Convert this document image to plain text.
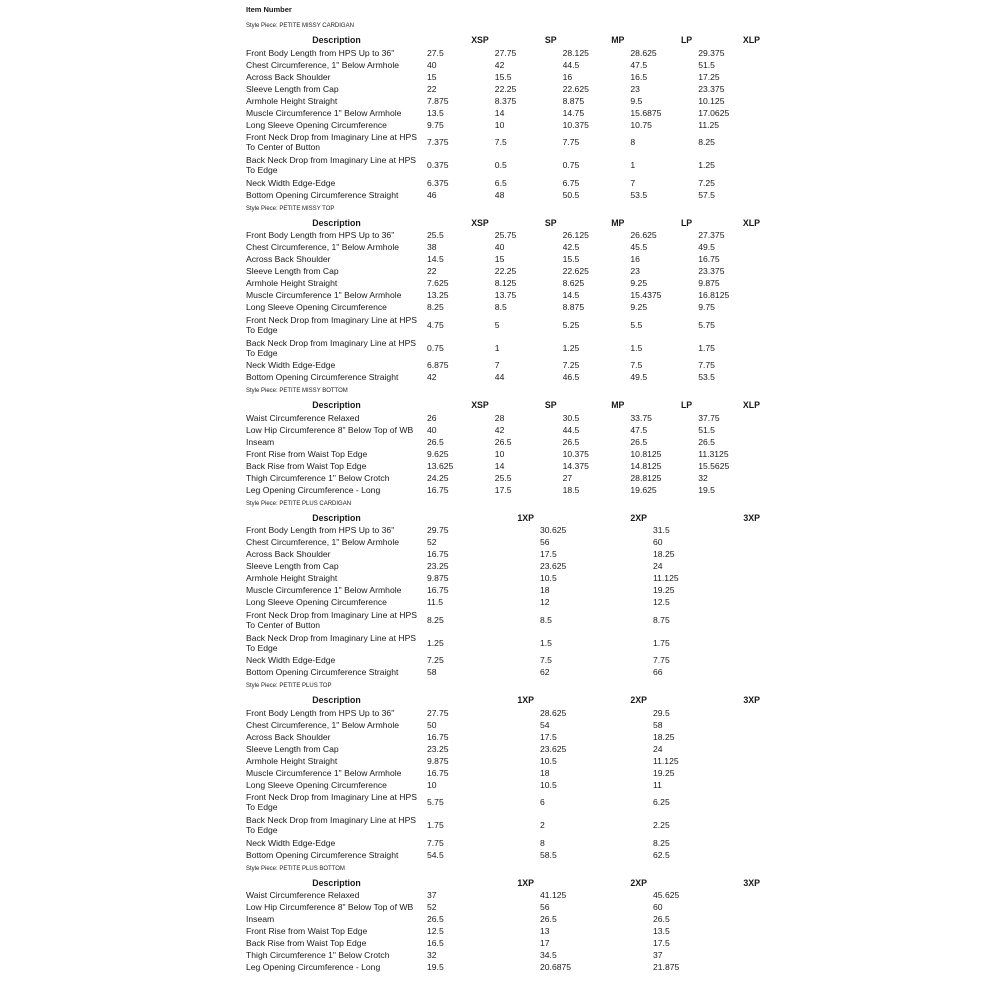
Item Number
Style Piece: PETITE MISSY CARDIGAN
Description	XSP	SP	MP	LP	XLP
Front Body Length from HPS Up to 36"	27.5	27.75	28.125	28.625	29.375
Chest Circumference, 1" Below Armhole	40	42	44.5	47.5	51.5
Across Back Shoulder	15	15.5	16	16.5	17.25
Sleeve Length from Cap	22	22.25	22.625	23	23.375
Armhole Height Straight	7.875	8.375	8.875	9.5	10.125
Muscle Circumference 1" Below Armhole	13.5	14	14.75	15.6875	17.0625
Long Sleeve Opening Circumference	9.75	10	10.375	10.75	11.25
Front Neck Drop from Imaginary Line at HPS To Center of Button	7.375	7.5	7.75	8	8.25
Back Neck Drop from Imaginary Line at HPS To Edge	0.375	0.5	0.75	1	1.25
Neck Width Edge-Edge	6.375	6.5	6.75	7	7.25
Bottom Opening Circumference Straight	46	48	50.5	53.5	57.5
Style Piece: PETITE MISSY TOP
Description	XSP	SP	MP	LP	XLP
Front Body Length from HPS Up to 36"	25.5	25.75	26.125	26.625	27.375
Chest Circumference, 1" Below Armhole	38	40	42.5	45.5	49.5
Across Back Shoulder	14.5	15	15.5	16	16.75
Sleeve Length from Cap	22	22.25	22.625	23	23.375
Armhole Height Straight	7.625	8.125	8.625	9.25	9.875
Muscle Circumference 1" Below Armhole	13.25	13.75	14.5	15.4375	16.8125
Long Sleeve Opening Circumference	8.25	8.5	8.875	9.25	9.75
Front Neck Drop from Imaginary Line at HPS To Edge	4.75	5	5.25	5.5	5.75
Back Neck Drop from Imaginary Line at HPS To Edge	0.75	1	1.25	1.5	1.75
Neck Width Edge-Edge	6.875	7	7.25	7.5	7.75
Bottom Opening Circumference Straight	42	44	46.5	49.5	53.5
Style Piece: PETITE MISSY BOTTOM
Description	XSP	SP	MP	LP	XLP
Waist Circumference Relaxed	26	28	30.5	33.75	37.75
Low Hip Circumference 8" Below Top of WB	40	42	44.5	47.5	51.5
Inseam	26.5	26.5	26.5	26.5	26.5
Front Rise from Waist Top Edge	9.625	10	10.375	10.8125	11.3125
Back Rise from Waist Top Edge	13.625	14	14.375	14.8125	15.5625
Thigh Circumference 1" Below Crotch	24.25	25.5	27	28.8125	32
Leg Opening Circumference - Long	16.75	17.5	18.5	19.625	19.5
Style Piece: PETITE PLUS CARDIGAN
Description	1XP	2XP	3XP
Front Body Length from HPS Up to 36"	29.75	30.625	31.5
Chest Circumference, 1" Below Armhole	52	56	60
Across Back Shoulder	16.75	17.5	18.25
Sleeve Length from Cap	23.25	23.625	24
Armhole Height Straight	9.875	10.5	11.125
Muscle Circumference 1" Below Armhole	16.75	18	19.25
Long Sleeve Opening Circumference	11.5	12	12.5
Front Neck Drop from Imaginary Line at HPS To Center of Button	8.25	8.5	8.75
Back Neck Drop from Imaginary Line at HPS To Edge	1.25	1.5	1.75
Neck Width Edge-Edge	7.25	7.5	7.75
Bottom Opening Circumference Straight	58	62	66
Style Piece: PETITE PLUS TOP
Description	1XP	2XP	3XP
Front Body Length from HPS Up to 36"	27.75	28.625	29.5
Chest Circumference, 1" Below Armhole	50	54	58
Across Back Shoulder	16.75	17.5	18.25
Sleeve Length from Cap	23.25	23.625	24
Armhole Height Straight	9.875	10.5	11.125
Muscle Circumference 1" Below Armhole	16.75	18	19.25
Long Sleeve Opening Circumference	10	10.5	11
Front Neck Drop from Imaginary Line at HPS To Edge	5.75	6	6.25
Back Neck Drop from Imaginary Line at HPS To Edge	1.75	2	2.25
Neck Width Edge-Edge	7.75	8	8.25
Bottom Opening Circumference Straight	54.5	58.5	62.5
Style Piece: PETITE PLUS BOTTOM
Description	1XP	2XP	3XP
Waist Circumference Relaxed	37	41.125	45.625
Low Hip Circumference 8" Below Top of WB	52	56	60
Inseam	26.5	26.5	26.5
Front Rise from Waist Top Edge	12.5	13	13.5
Back Rise from Waist Top Edge	16.5	17	17.5
Thigh Circumference 1" Below Crotch	32	34.5	37
Leg Opening Circumference - Long	19.5	20.6875	21.875
